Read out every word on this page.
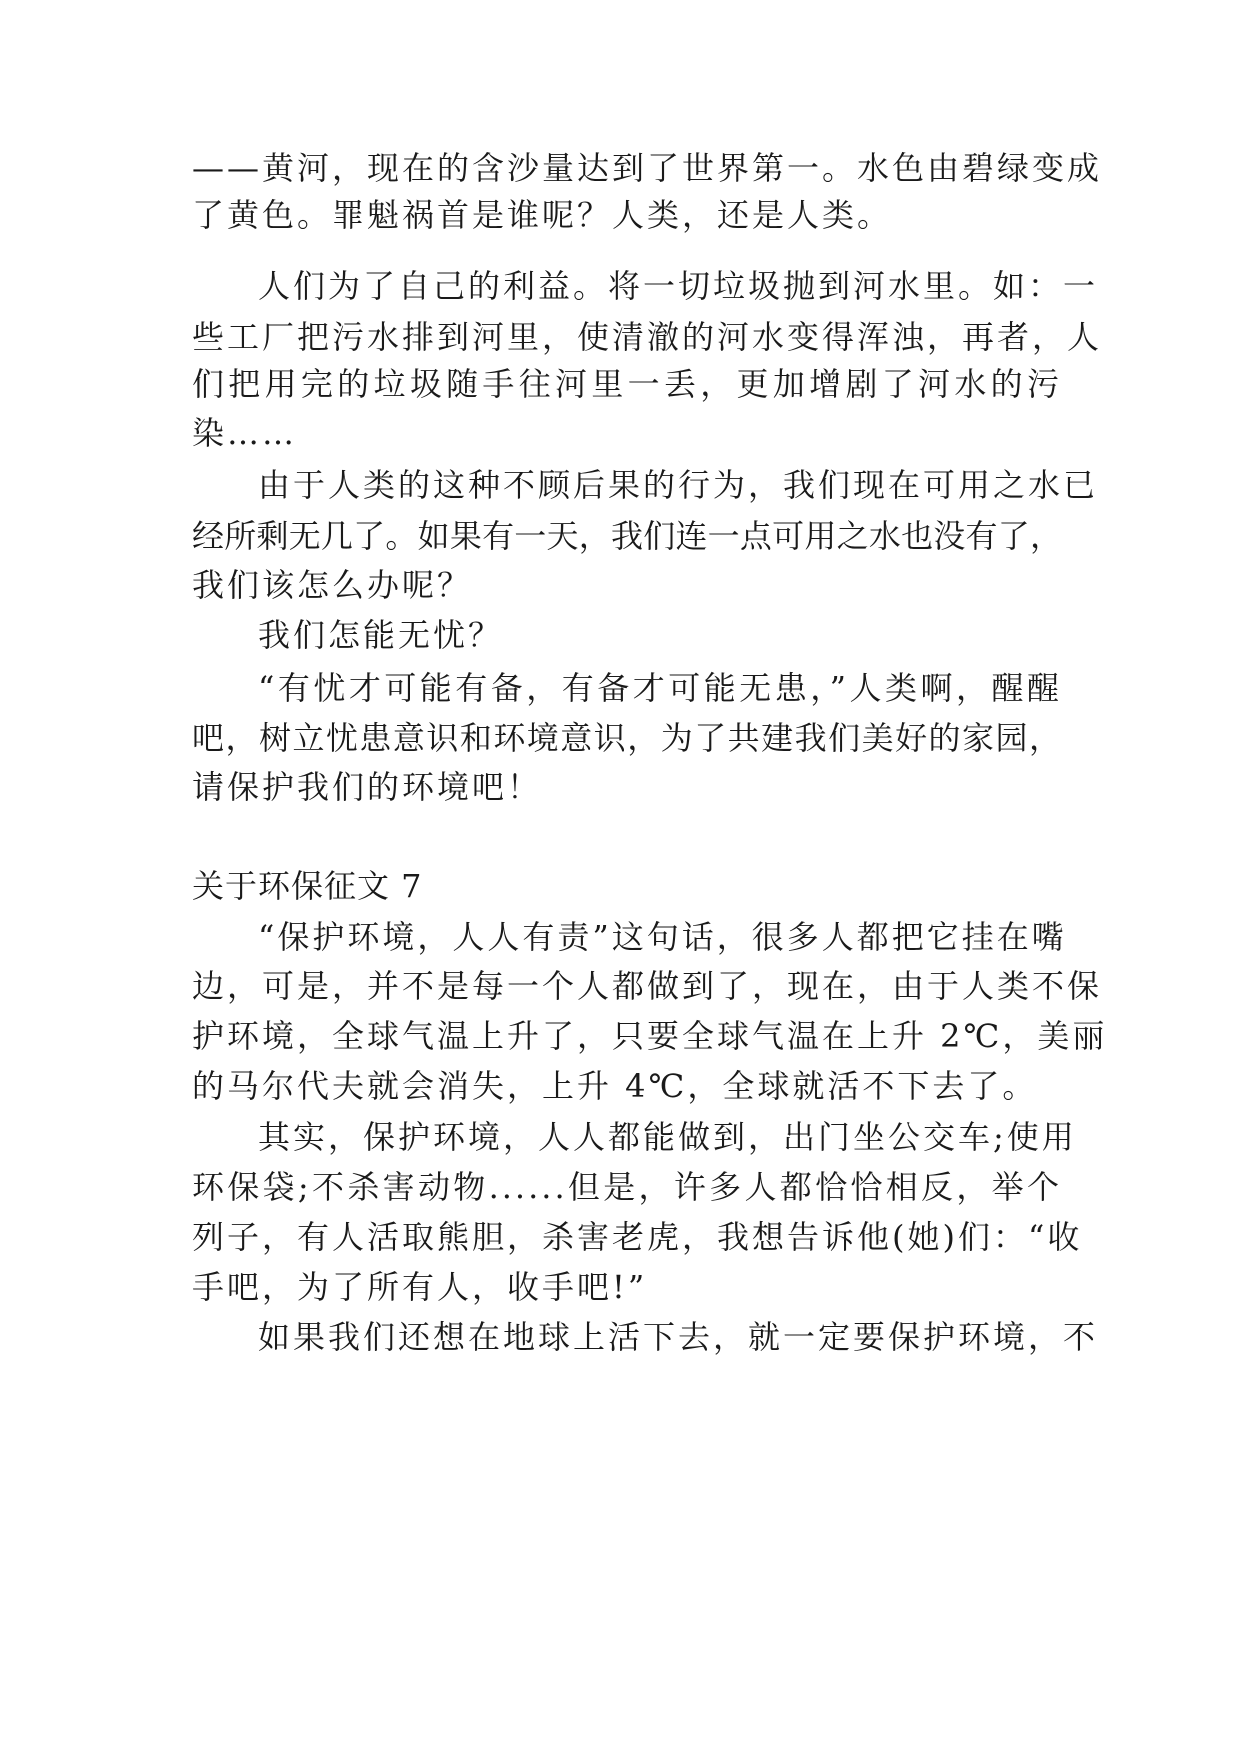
——黄河，现在的含沙量达到了世界第一。水色由碧绿变成
了黄色。罪魁祸首是谁呢？人类，还是人类。
人们为了自己的利益。将一切垃圾抛到河水里。如：一
些工厂把污水排到河里，使清澈的河水变得浑浊，再者，人
们把用完的垃圾随手往河里一丢，更加增剧了河水的污
染……
由于人类的这种不顾后果的行为，我们现在可用之水已
经所剩无几了。如果有一天，我们连一点可用之水也没有了，
我们该怎么办呢？
我们怎能无忧？
“有忧才可能有备，有备才可能无患，”人类啊，醒醒
吧，树立忧患意识和环境意识，为了共建我们美好的家园，
请保护我们的环境吧！
关于环保征文 7
“保护环境，人人有责”这句话，很多人都把它挂在嘴
边，可是，并不是每一个人都做到了，现在，由于人类不保
护环境，全球气温上升了，只要全球气温在上升 2℃，美丽
的马尔代夫就会消失，上升 4℃，全球就活不下去了。
其实，保护环境，人人都能做到，出门坐公交车;使用
环保袋;不杀害动物......但是，许多人都恰恰相反，举个
列子，有人活取熊胆，杀害老虎，我想告诉他(她)们：“收
手吧，为了所有人，收手吧!”
如果我们还想在地球上活下去，就一定要保护环境，不
